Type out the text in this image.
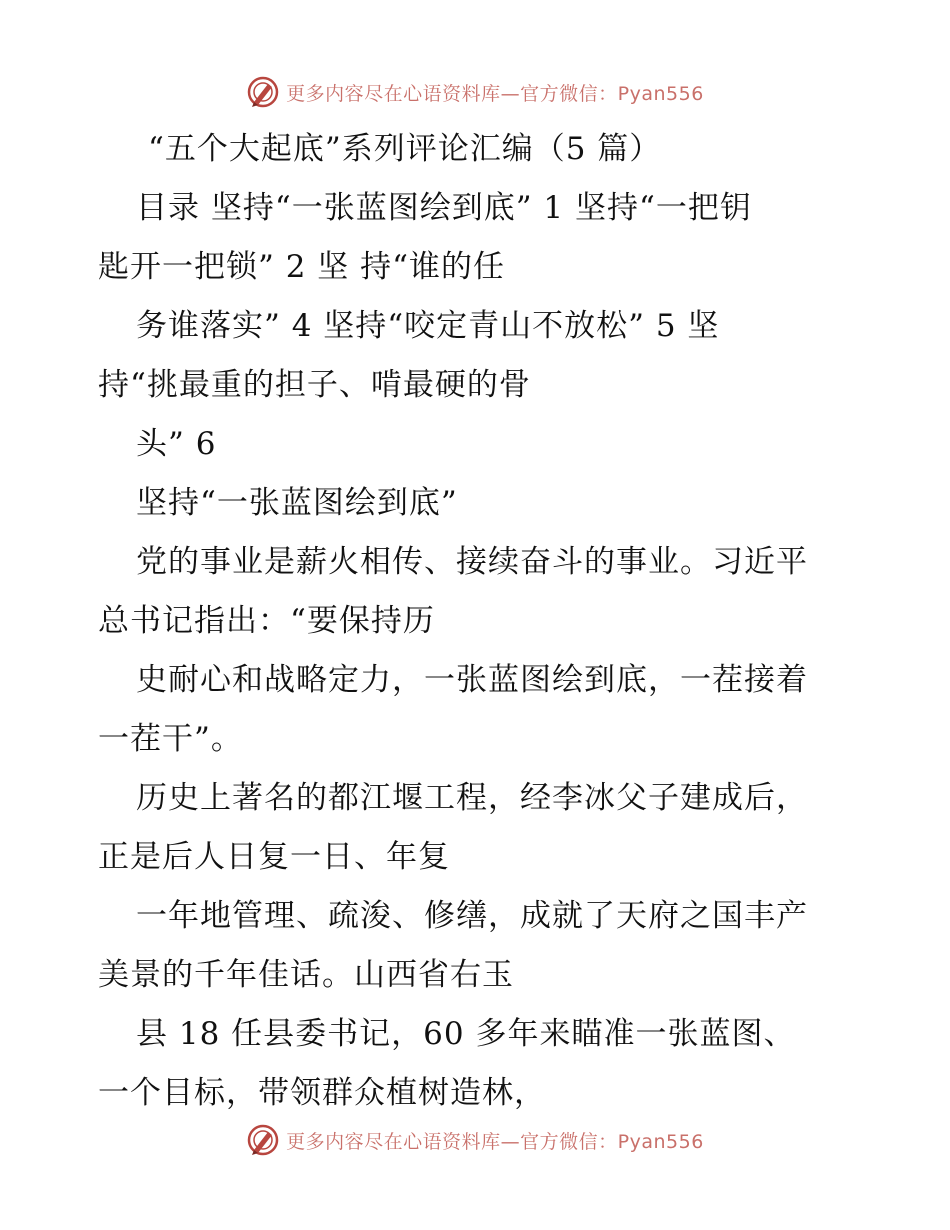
更多内容尽在心语资料库—官方微信：Pyan556
“五个大起底”系列评论汇编（5 篇）
目录 坚持“一张蓝图绘到底” 1 坚持“一把钥
匙开一把锁” 2 坚 持“谁的任
务谁落实” 4 坚持“咬定青山不放松” 5 坚
持“挑最重的担子、啃最硬的骨
头” 6
坚持“一张蓝图绘到底”
党的事业是薪火相传、接续奋斗的事业。习近平
总书记指出：“要保持历
史耐心和战略定力，一张蓝图绘到底，一茬接着
一茬干”。
历史上著名的都江堰工程，经李冰父子建成后，
正是后人日复一日、年复
一年地管理、疏浚、修缮，成就了天府之国丰产
美景的千年佳话。山西省右玉
县 18 任县委书记，60 多年来瞄准一张蓝图、
一个目标，带领群众植树造林，
更多内容尽在心语资料库—官方微信：Pyan556
